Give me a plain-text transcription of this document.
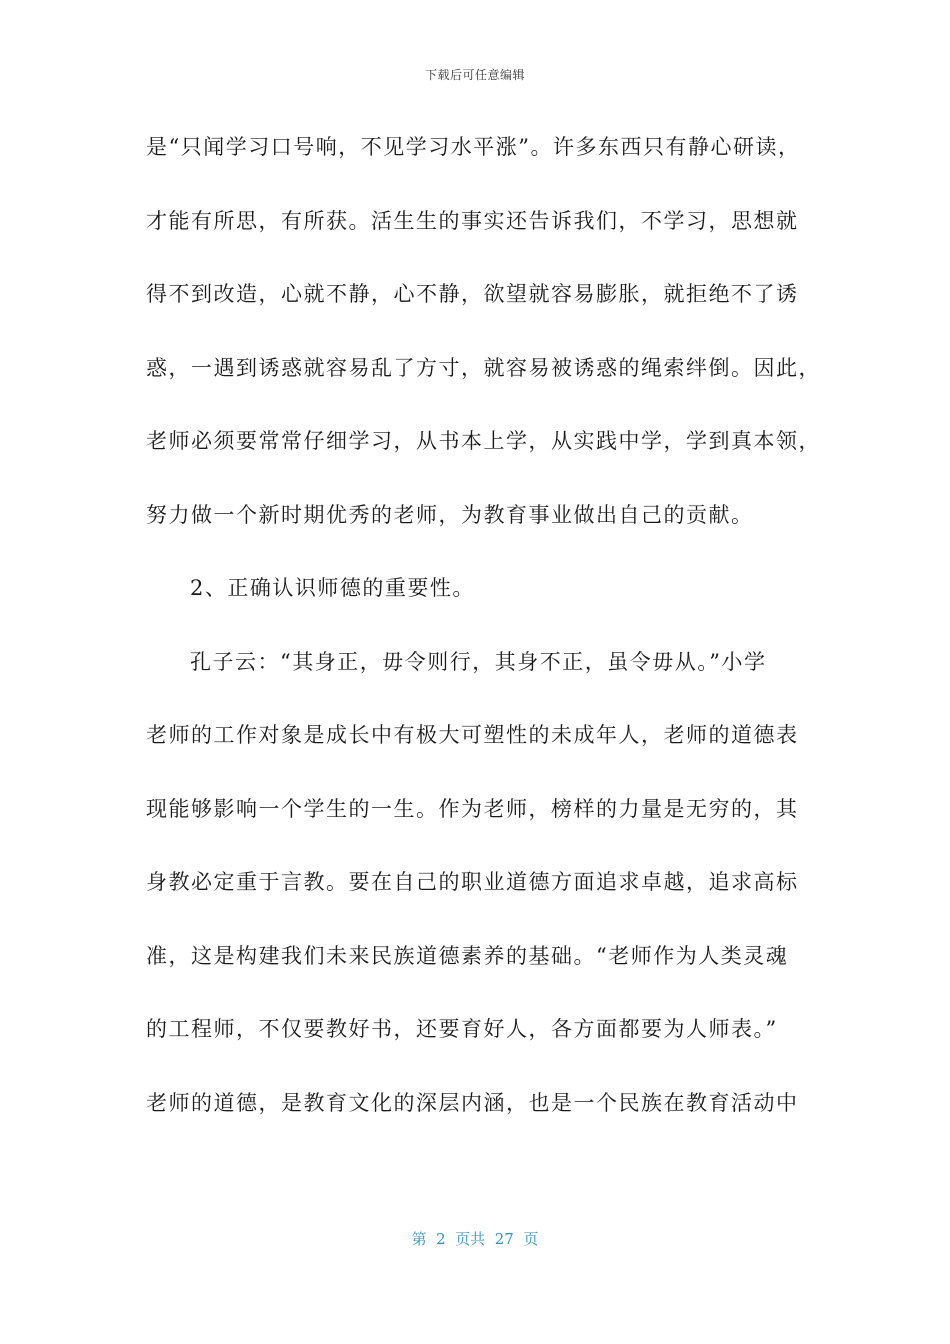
下载后可任意编辑
是“只闻学习口号响，不见学习水平涨”。许多东西只有静心研读，
才能有所思，有所获。活生生的事实还告诉我们，不学习，思想就
得不到改造，心就不静，心不静，欲望就容易膨胀，就拒绝不了诱
惑，一遇到诱惑就容易乱了方寸，就容易被诱惑的绳索绊倒。因此，
老师必须要常常仔细学习，从书本上学，从实践中学，学到真本领，
努力做一个新时期优秀的老师，为教育事业做出自己的贡献。
2、正确认识师德的重要性。
孔子云：“其身正，毋令则行，其身不正，虽令毋从。”小学
老师的工作对象是成长中有极大可塑性的未成年人，老师的道德表
现能够影响一个学生的一生。作为老师，榜样的力量是无穷的，其
身教必定重于言教。要在自己的职业道德方面追求卓越，追求高标
准，这是构建我们未来民族道德素养的基础。“老师作为人类灵魂
的工程师，不仅要教好书，还要育好人，各方面都要为人师表。”
老师的道德，是教育文化的深层内涵，也是一个民族在教育活动中
第  2  页共  27  页
